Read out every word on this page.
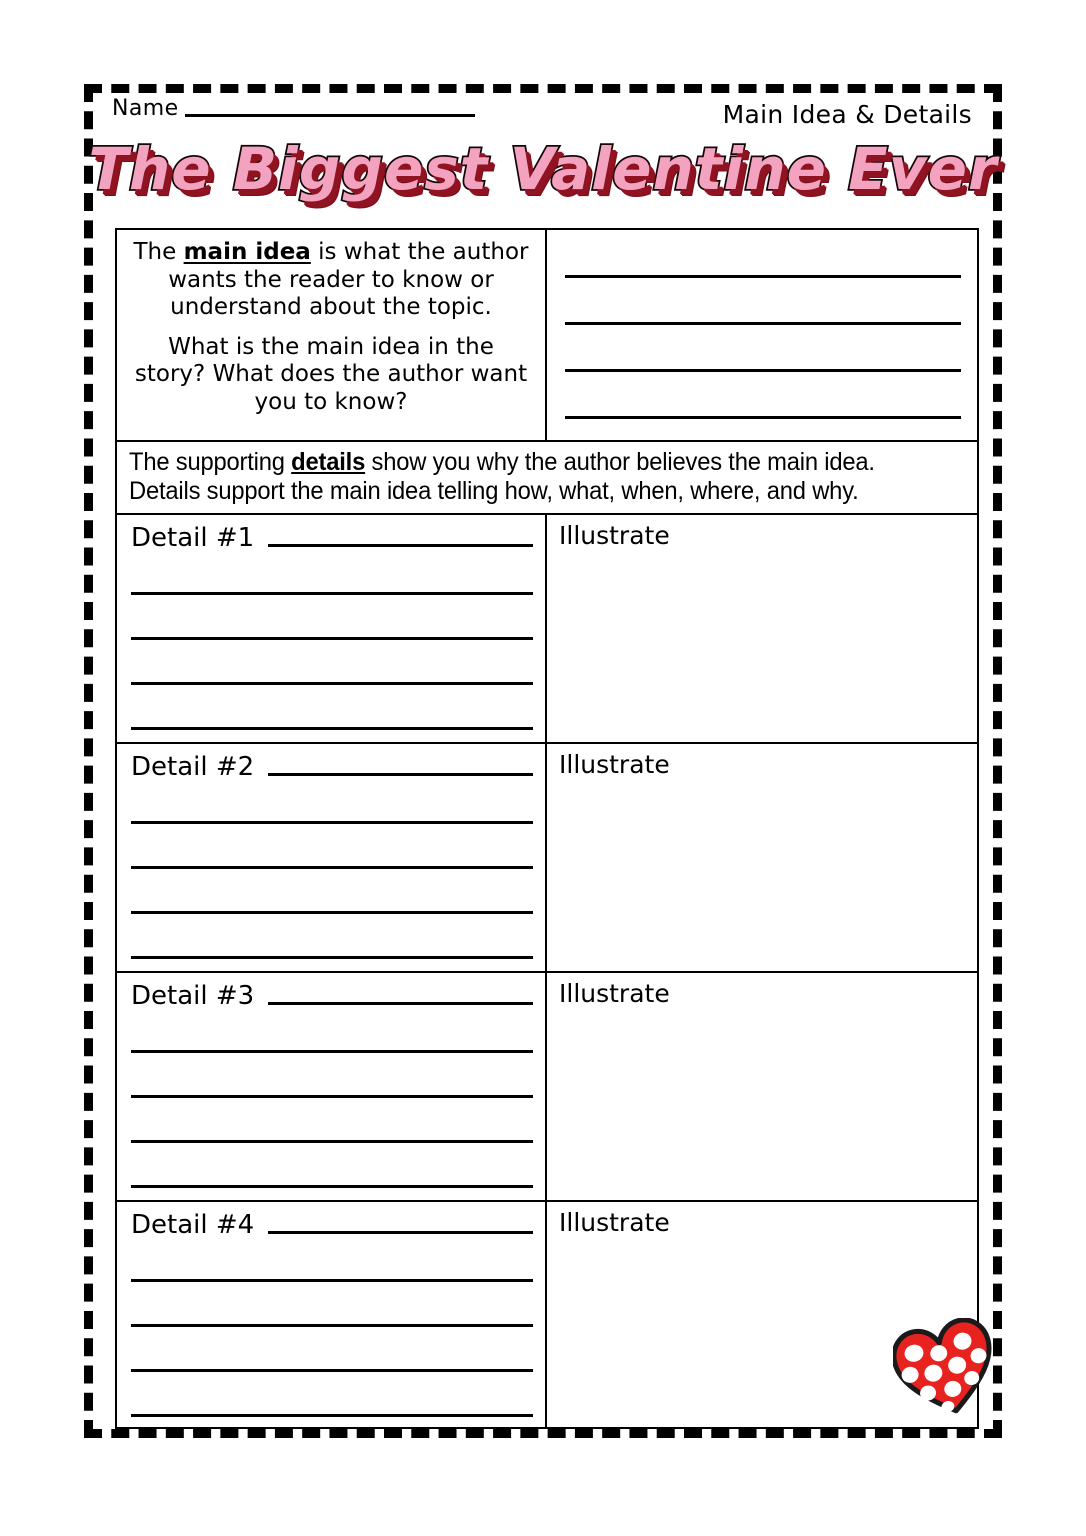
Name	Main Idea & Details
The Biggest Valentine Ever

The main idea is what the author wants the reader to know or understand about the topic.

What is the main idea in the story? What does the author want you to know?

The supporting details show you why the author believes the main idea.
Details support the main idea telling how, what, when, where, and why.
Detail #1	Illustrate
Detail #2	Illustrate
Detail #3	Illustrate
Detail #4	Illustrate
